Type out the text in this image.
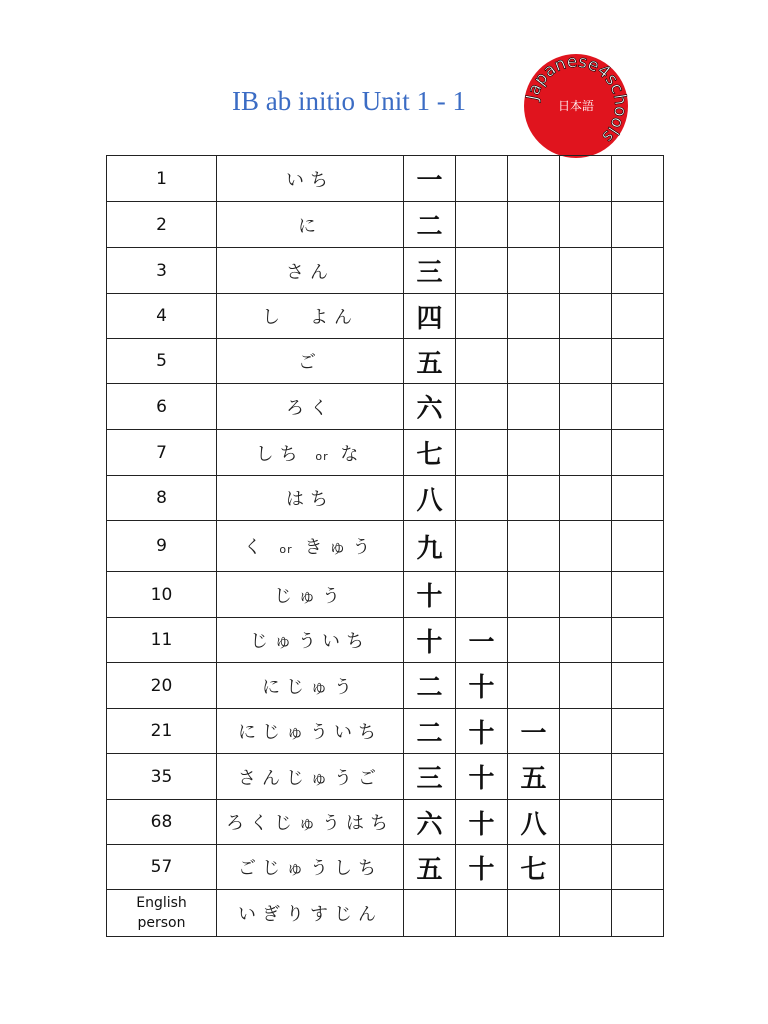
IB ab initio Unit 1 - 1	Japanese4schools
日本語
1	いち	一				
2	に	二				
3	さん	三				
4	し　よん	四				
5	ご	五				
6	ろく	六				
7	しち or な	七				
8	はち	八				
9	く or きゅう	九				
10	じゅう	十				
11	じゅういち	十	一			
20	にじゅう	二	十			
21	にじゅういち	二	十	一		
35	さんじゅうご	三	十	五		
68	ろくじゅうはち	六	十	八		
57	ごじゅうしち	五	十	七		
English
person	いぎりすじん					
